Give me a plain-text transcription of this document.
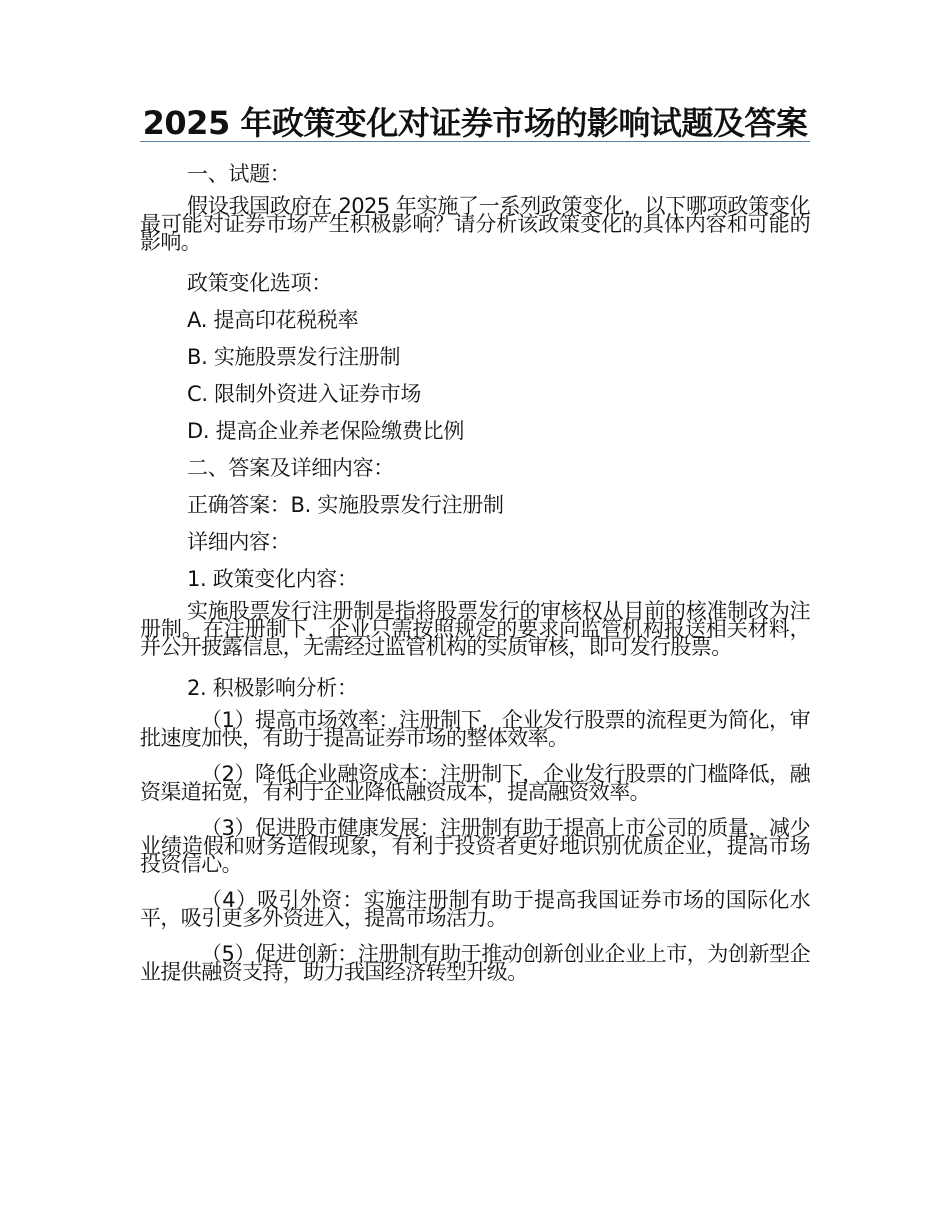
2025 年政策变化对证券市场的影响试题及答案

一、试题：

假设我国政府在 2025 年实施了一系列政策变化，以下哪项政策变化最可能对证券市场产生积极影响？请分析该政策变化的具体内容和可能的影响。

政策变化选项：

A. 提高印花税税率

B. 实施股票发行注册制

C. 限制外资进入证券市场

D. 提高企业养老保险缴费比例

二、答案及详细内容：

正确答案：B. 实施股票发行注册制

详细内容：

1. 政策变化内容：

实施股票发行注册制是指将股票发行的审核权从目前的核准制改为注册制。在注册制下，企业只需按照规定的要求向监管机构报送相关材料，并公开披露信息，无需经过监管机构的实质审核，即可发行股票。

2. 积极影响分析：

（1）提高市场效率：注册制下，企业发行股票的流程更为简化，审批速度加快，有助于提高证券市场的整体效率。

（2）降低企业融资成本：注册制下，企业发行股票的门槛降低，融资渠道拓宽，有利于企业降低融资成本，提高融资效率。

（3）促进股市健康发展：注册制有助于提高上市公司的质量，减少业绩造假和财务造假现象，有利于投资者更好地识别优质企业，提高市场投资信心。

（4）吸引外资：实施注册制有助于提高我国证券市场的国际化水平，吸引更多外资进入，提高市场活力。

（5）促进创新：注册制有助于推动创新创业企业上市，为创新型企业提供融资支持，助力我国经济转型升级。
